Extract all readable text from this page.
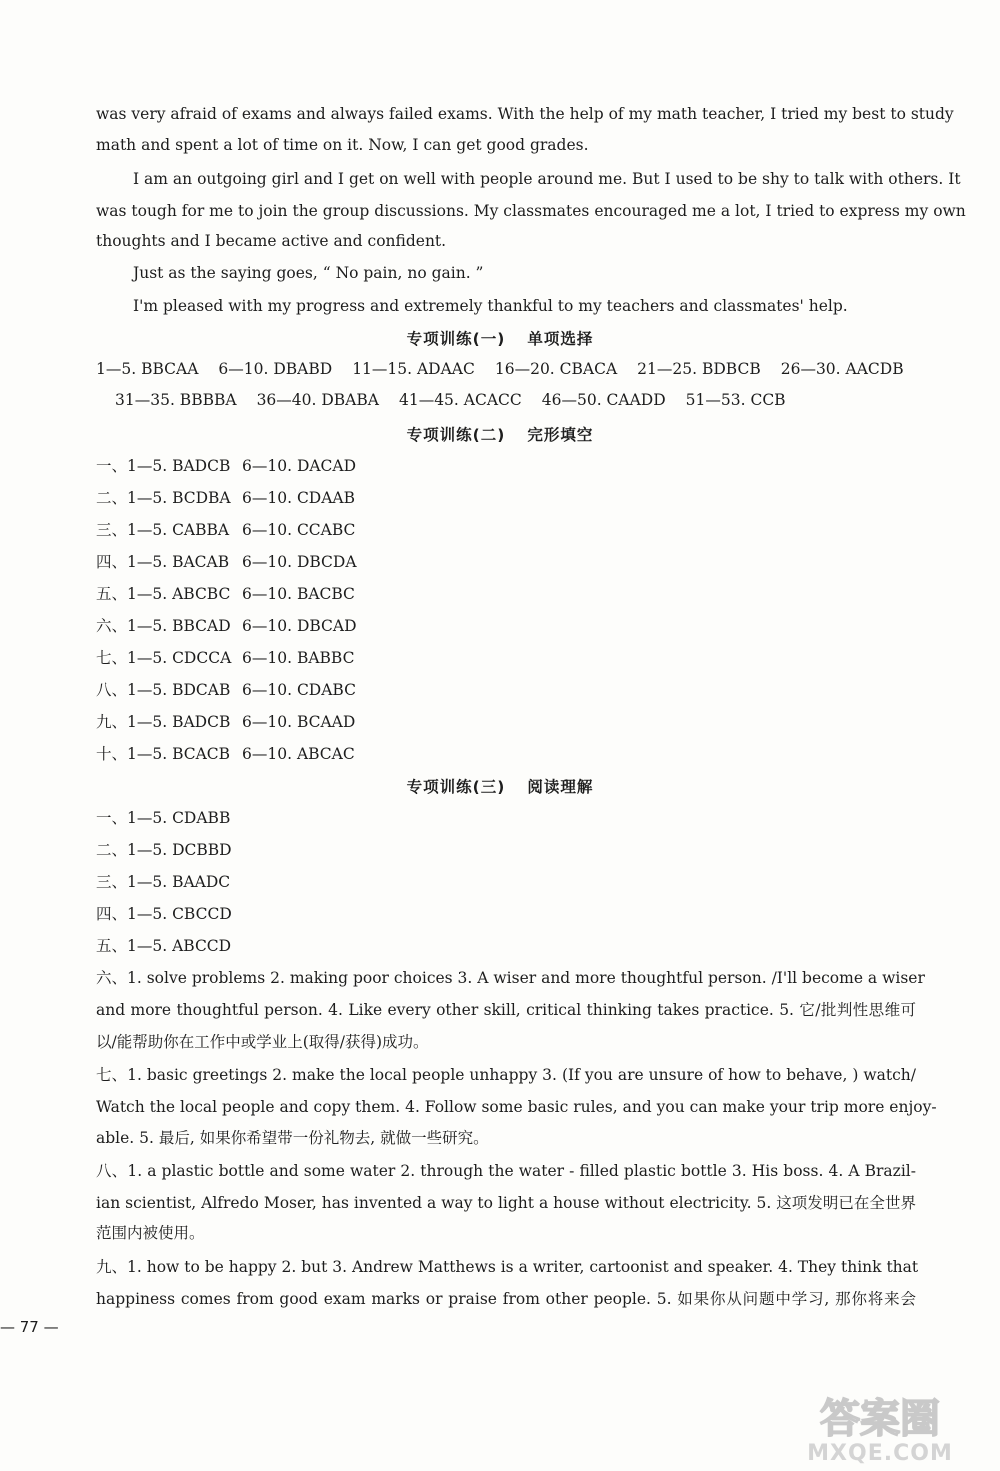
was very afraid of exams and always failed exams. With the help of my math teacher, I tried my best to study
math and spent a lot of time on it. Now, I can get good grades.
I am an outgoing girl and I get on well with people around me. But I used to be shy to talk with others. It
was tough for me to join the group discussions. My classmates encouraged me a lot, I tried to express my own
thoughts and I became active and confident.
Just as the saying goes, “ No pain, no gain. ”
I'm pleased with my progress and extremely thankful to my teachers and classmates' help.
专项训练(一) 单项选择
1—5. BBCAA 6—10. DBABD 11—15. ADAAC 16—20. CBACA 21—25. BDBCB 26—30. AACDB
31—35. BBBBA 36—40. DBABA 41—45. ACACC 46—50. CAADD 51—53. CCB
专项训练(二) 完形填空
一、1—5. BADCB 6—10. DACAD
二、1—5. BCDBA 6—10. CDAAB
三、1—5. CABBA 6—10. CCABC
四、1—5. BACAB 6—10. DBCDA
五、1—5. ABCBC 6—10. BACBC
六、1—5. BBCAD 6—10. DBCAD
七、1—5. CDCCA 6—10. BABBC
八、1—5. BDCAB 6—10. CDABC
九、1—5. BADCB 6—10. BCAAD
十、1—5. BCACB 6—10. ABCAC
专项训练(三) 阅读理解
一、1—5. CDABB
二、1—5. DCBBD
三、1—5. BAADC
四、1—5. CBCCD
五、1—5. ABCCD
六、1. solve problems 2. making poor choices 3. A wiser and more thoughtful person. /I'll become a wiser
and more thoughtful person. 4. Like every other skill, critical thinking takes practice. 5. 它/批判性思维可
以/能帮助你在工作中或学业上(取得/获得)成功。
七、1. basic greetings 2. make the local people unhappy 3. (If you are unsure of how to behave, ) watch/
Watch the local people and copy them. 4. Follow some basic rules, and you can make your trip more enjoy-
able. 5. 最后, 如果你希望带一份礼物去, 就做一些研究。
八、1. a plastic bottle and some water 2. through the water - filled plastic bottle 3. His boss. 4. A Brazil-
ian scientist, Alfredo Moser, has invented a way to light a house without electricity. 5. 这项发明已在全世界
范围内被使用。
九、1. how to be happy 2. but 3. Andrew Matthews is a writer, cartoonist and speaker. 4. They think that
happiness comes from good exam marks or praise from other people. 5. 如果你从问题中学习, 那你将来会
— 77 —
答案圈
MXQE.COM
